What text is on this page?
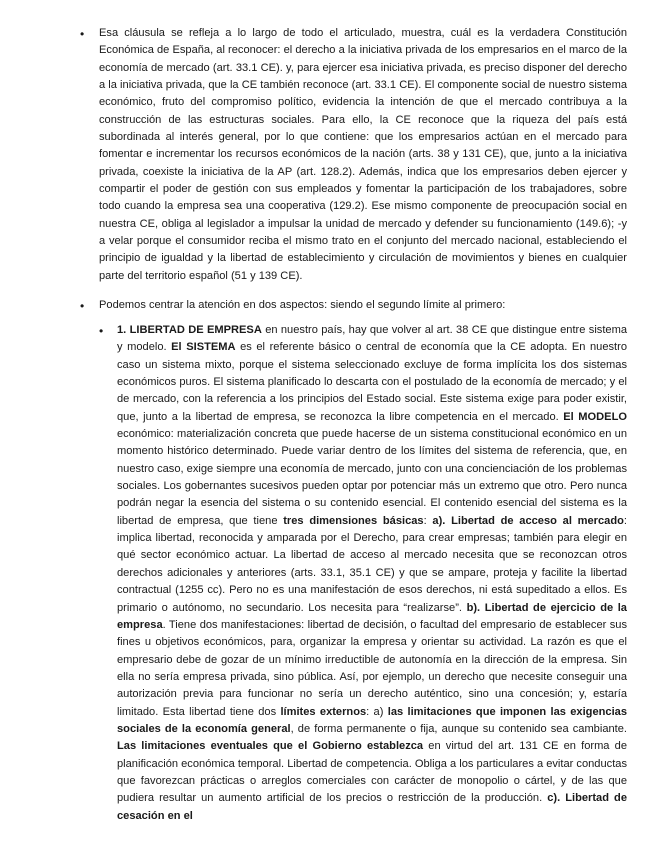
• Esa cláusula se refleja a lo largo de todo el articulado, muestra, cuál es la verdadera Constitución Económica de España, al reconocer: el derecho a la iniciativa privada de los empresarios en el marco de la economía de mercado (art. 33.1 CE). y, para ejercer esa iniciativa privada, es preciso disponer del derecho a la iniciativa privada, que la CE también reconoce (art. 33.1 CE). El componente social de nuestro sistema económico, fruto del compromiso político, evidencia la intención de que el mercado contribuya a la construcción de las estructuras sociales. Para ello, la CE reconoce que la riqueza del país está subordinada al interés general, por lo que contiene: que los empresarios actúan en el mercado para fomentar e incrementar los recursos económicos de la nación (arts. 38 y 131 CE), que, junto a la iniciativa privada, coexiste la iniciativa de la AP (art. 128.2). Además, indica que los empresarios deben ejercer y compartir el poder de gestión con sus empleados y fomentar la participación de los trabajadores, sobre todo cuando la empresa sea una cooperativa (129.2). Ese mismo componente de preocupación social en nuestra CE, obliga al legislador a impulsar la unidad de mercado y defender su funcionamiento (149.6); -y a velar porque el consumidor reciba el mismo trato en el conjunto del mercado nacional, estableciendo el principio de igualdad y la libertad de establecimiento y circulación de movimientos y bienes en cualquier parte del territorio español (51 y 139 CE).

• Podemos centrar la atención en dos aspectos: siendo el segundo límite al primero:

• 1. LIBERTAD DE EMPRESA en nuestro país, hay que volver al art. 38 CE que distingue entre sistema y modelo. El SISTEMA es el referente básico o central de economía que la CE adopta. En nuestro caso un sistema mixto, porque el sistema seleccionado excluye de forma implícita los dos sistemas económicos puros. El sistema planificado lo descarta con el postulado de la economía de mercado; y el de mercado, con la referencia a los principios del Estado social. Este sistema exige para poder existir, que, junto a la libertad de empresa, se reconozca la libre competencia en el mercado. El MODELO económico: materialización concreta que puede hacerse de un sistema constitucional económico en un momento histórico determinado. Puede variar dentro de los límites del sistema de referencia, que, en nuestro caso, exige siempre una economía de mercado, junto con una concienciación de los problemas sociales. Los gobernantes sucesivos pueden optar por potenciar más un extremo que otro. Pero nunca podrán negar la esencia del sistema o su contenido esencial. El contenido esencial del sistema es la libertad de empresa, que tiene tres dimensiones básicas: a). Libertad de acceso al mercado: implica libertad, reconocida y amparada por el Derecho, para crear empresas; también para elegir en qué sector económico actuar. La libertad de acceso al mercado necesita que se reconozcan otros derechos adicionales y anteriores (arts. 33.1, 35.1 CE) y que se ampare, proteja y facilite la libertad contractual (1255 cc). Pero no es una manifestación de esos derechos, ni está supeditado a ellos. Es primario o autónomo, no secundario. Los necesita para “realizarse”. b). Libertad de ejercicio de la empresa. Tiene dos manifestaciones: libertad de decisión, o facultad del empresario de establecer sus fines u objetivos económicos, para, organizar la empresa y orientar su actividad. La razón es que el empresario debe de gozar de un mínimo irreductible de autonomía en la dirección de la empresa. Sin ella no sería empresa privada, sino pública. Así, por ejemplo, un derecho que necesite conseguir una autorización previa para funcionar no sería un derecho auténtico, sino una concesión; y, estaría limitado. Esta libertad tiene dos límites externos: a) las limitaciones que imponen las exigencias sociales de la economía general, de forma permanente o fija, aunque su contenido sea cambiante. Las limitaciones eventuales que el Gobierno establezca en virtud del art. 131 CE en forma de planificación económica temporal. Libertad de competencia. Obliga a los particulares a evitar conductas que favorezcan prácticas o arreglos comerciales con carácter de monopolio o cártel, y de las que pudiera resultar un aumento artificial de los precios o restricción de la producción. c). Libertad de cesación en el
